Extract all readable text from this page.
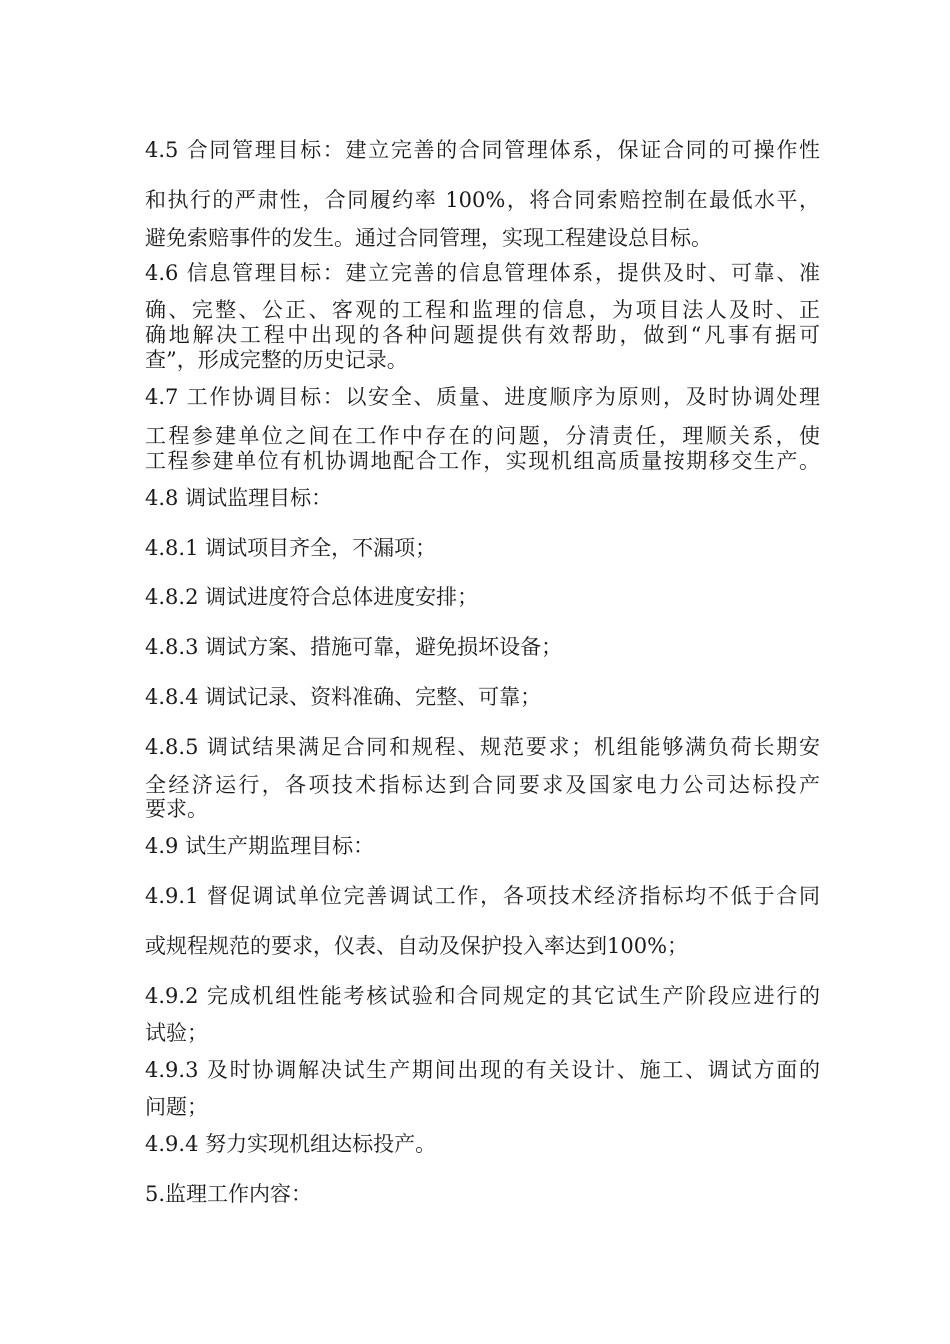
4.5 合同管理目标：建立完善的合同管理体系，保证合同的可操作性
和执行的严肃性，合同履约率 100%，将合同索赔控制在最低水平，
避免索赔事件的发生。通过合同管理，实现工程建设总目标。
4.6 信息管理目标：建立完善的信息管理体系，提供及时、可靠、准
确、完整、公正、客观的工程和监理的信息，为项目法人及时、正
确地解决工程中出现的各种问题提供有效帮助，做到“凡事有据可
查”，形成完整的历史记录。
4.7 工作协调目标：以安全、质量、进度顺序为原则，及时协调处理
工程参建单位之间在工作中存在的问题，分清责任，理顺关系，使
工程参建单位有机协调地配合工作，实现机组高质量按期移交生产。
4.8 调试监理目标：
4.8.1 调试项目齐全，不漏项；
4.8.2 调试进度符合总体进度安排；
4.8.3 调试方案、措施可靠，避免损坏设备；
4.8.4 调试记录、资料准确、完整、可靠；
4.8.5 调试结果满足合同和规程、规范要求；机组能够满负荷长期安
全经济运行，各项技术指标达到合同要求及国家电力公司达标投产
要求。
4.9 试生产期监理目标：
4.9.1 督促调试单位完善调试工作，各项技术经济指标均不低于合同
或规程规范的要求，仪表、自动及保护投入率达到100%；
4.9.2 完成机组性能考核试验和合同规定的其它试生产阶段应进行的
试验；
4.9.3 及时协调解决试生产期间出现的有关设计、施工、调试方面的
问题；
4.9.4 努力实现机组达标投产。
5.监理工作内容：
